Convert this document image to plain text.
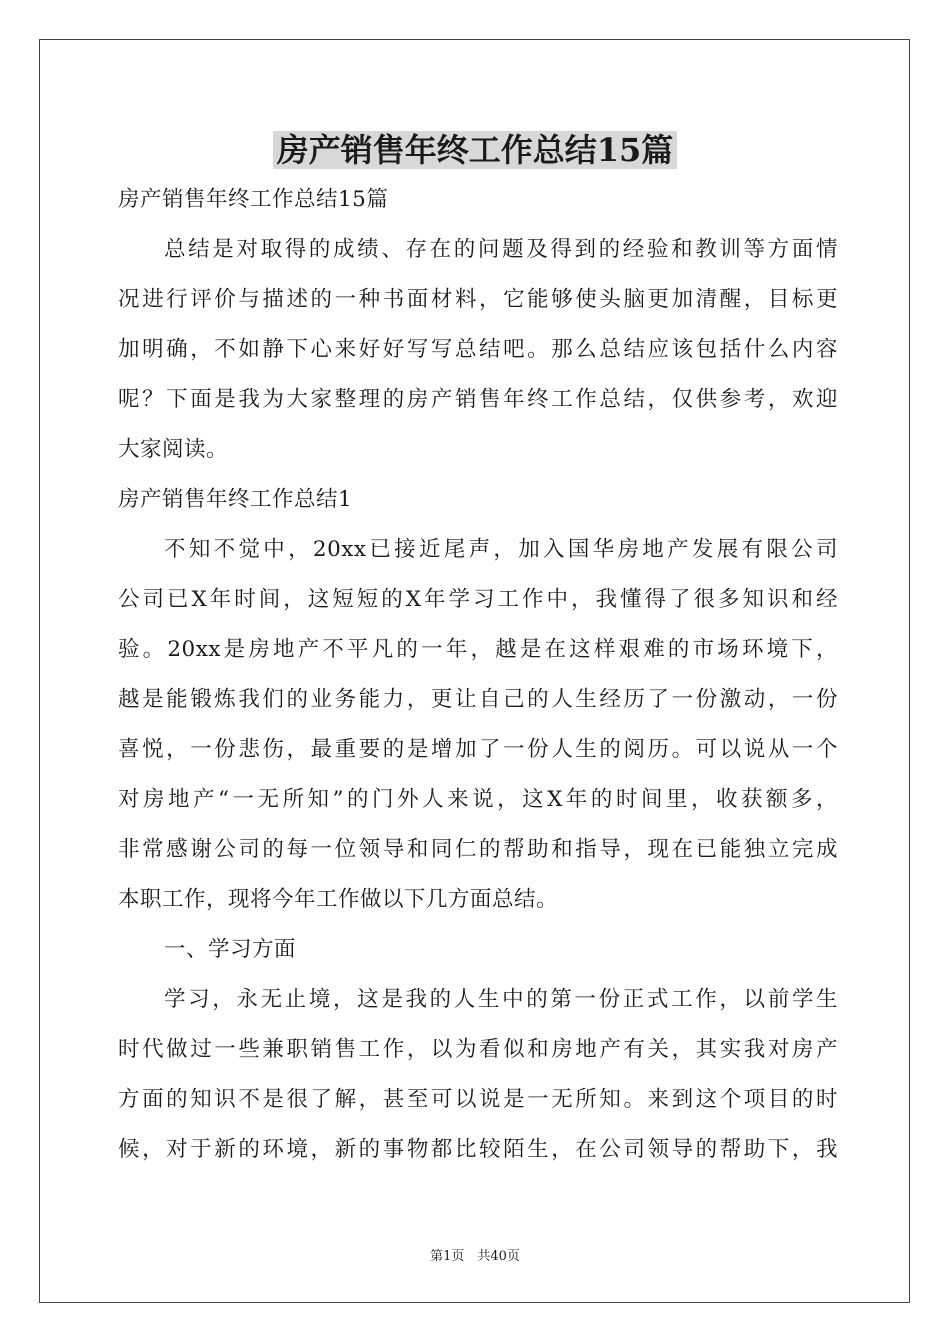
房产销售年终工作总结15篇
房产销售年终工作总结15篇
总结是对取得的成绩、存在的问题及得到的经验和教训等方面情
况进行评价与描述的一种书面材料，它能够使头脑更加清醒，目标更
加明确，不如静下心来好好写写总结吧。那么总结应该包括什么内容
呢？下面是我为大家整理的房产销售年终工作总结，仅供参考，欢迎
大家阅读。
房产销售年终工作总结1
不知不觉中，20xx已接近尾声，加入国华房地产发展有限公司
公司已X年时间，这短短的X年学习工作中，我懂得了很多知识和经
验。20xx是房地产不平凡的一年，越是在这样艰难的市场环境下，
越是能锻炼我们的业务能力，更让自己的人生经历了一份激动，一份
喜悦，一份悲伤，最重要的是增加了一份人生的阅历。可以说从一个
对房地产“一无所知”的门外人来说，这X年的时间里，收获额多，
非常感谢公司的每一位领导和同仁的帮助和指导，现在已能独立完成
本职工作，现将今年工作做以下几方面总结。
一、学习方面
学习，永无止境，这是我的人生中的第一份正式工作，以前学生
时代做过一些兼职销售工作，以为看似和房地产有关，其实我对房产
方面的知识不是很了解，甚至可以说是一无所知。来到这个项目的时
候，对于新的环境，新的事物都比较陌生，在公司领导的帮助下，我
第1页　共40页
